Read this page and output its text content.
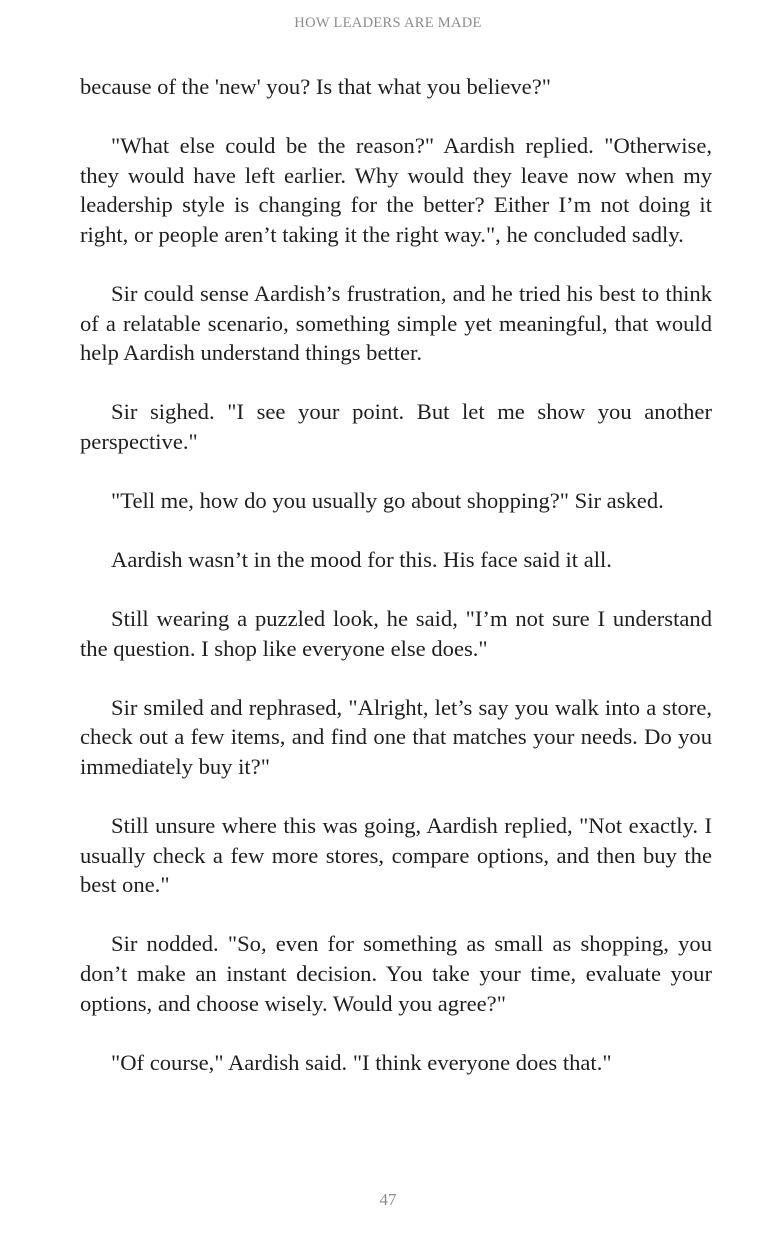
HOW LEADERS ARE MADE

because of the 'new' you? Is that what you believe?"

"What else could be the reason?" Aardish replied. "Otherwise, they would have left earlier. Why would they leave now when my leadership style is changing for the better? Either I’m not doing it right, or people aren’t taking it the right way.", he concluded sadly.

Sir could sense Aardish’s frustration, and he tried his best to think of a relatable scenario, something simple yet meaningful, that would help Aardish understand things better.

Sir sighed. "I see your point. But let me show you another perspective."

"Tell me, how do you usually go about shopping?" Sir asked.

Aardish wasn’t in the mood for this. His face said it all.

Still wearing a puzzled look, he said, "I’m not sure I understand the question. I shop like everyone else does."

Sir smiled and rephrased, "Alright, let’s say you walk into a store, check out a few items, and find one that matches your needs. Do you immediately buy it?"

Still unsure where this was going, Aardish replied, "Not exactly. I usually check a few more stores, compare options, and then buy the best one."

Sir nodded. "So, even for something as small as shopping, you don’t make an instant decision. You take your time, evaluate your options, and choose wisely. Would you agree?"

"Of course," Aardish said. "I think everyone does that."

47
